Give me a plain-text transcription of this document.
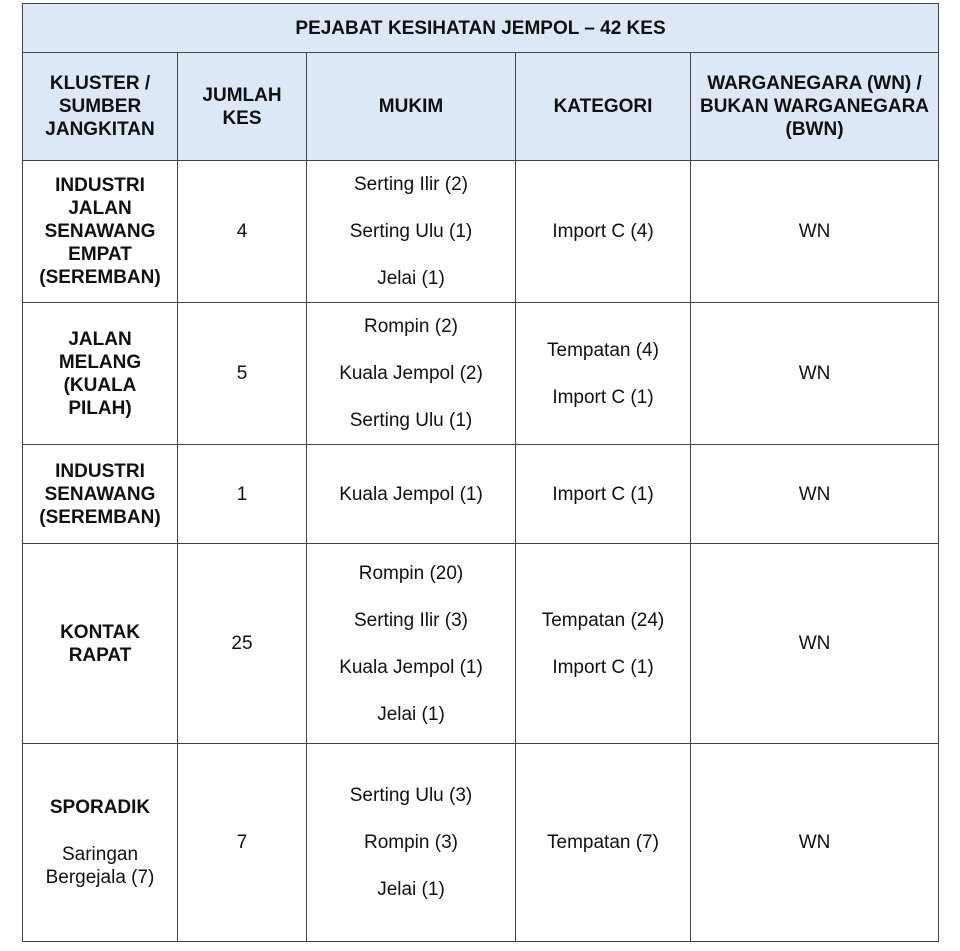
PEJABAT KESIHATAN JEMPOL – 42 KES				
KLUSTER / SUMBER JANGKITAN	JUMLAH KES	MUKIM	KATEGORI	WARGANEGARA (WN) / BUKAN WARGANEGARA (BWN)
INDUSTRI JALAN SENAWANG EMPAT (SEREMBAN)	4	Serting Ilir (2)
Serting Ulu (1)
Jelai (1)	Import C (4)	WN
JALAN MELANG (KUALA PILAH)	5	Rompin (2)
Kuala Jempol (2)
Serting Ulu (1)	Tempatan (4)
Import C (1)	WN
INDUSTRI SENAWANG (SEREMBAN)	1	Kuala Jempol (1)	Import C (1)	WN
KONTAK RAPAT	25	Rompin (20)
Serting Ilir (3)
Kuala Jempol (1)
Jelai (1)	Tempatan (24)
Import C (1)	WN

SPORADIK
Saringan Bergejala (7)	7	Serting Ulu (3)
Rompin (3)
Jelai (1)	Tempatan (7)	WN
